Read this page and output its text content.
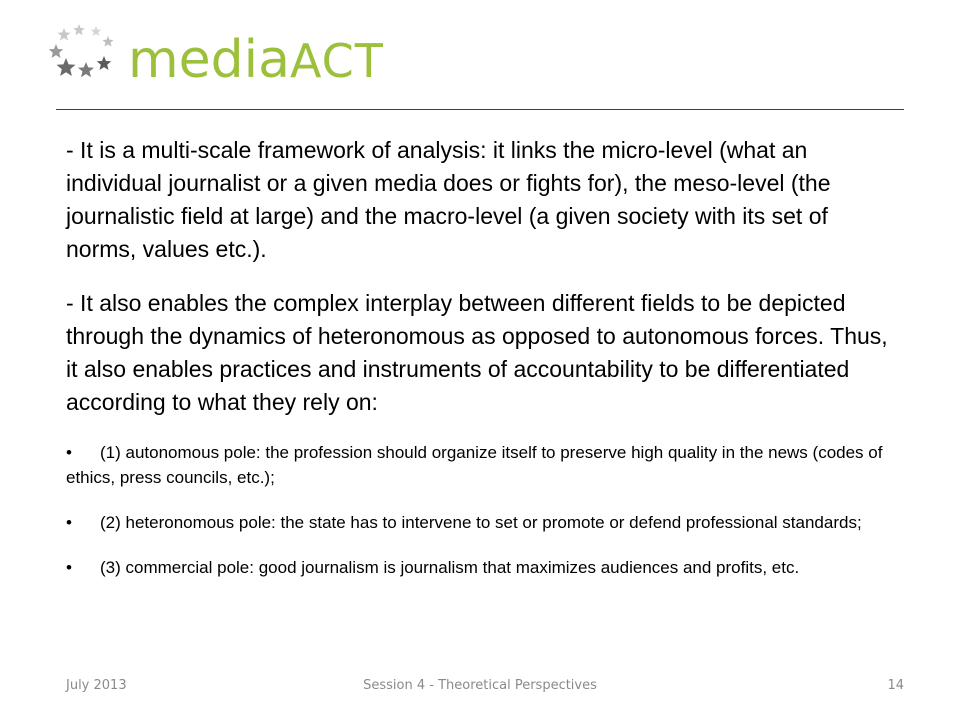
mediaACT

- It is a multi-scale framework of analysis: it links the micro-level (what an individual journalist or a given media does or fights for), the meso-level (the journalistic field at large) and the macro-level (a given society with its set of norms, values etc.).

- It also enables the complex interplay between different fields to be depicted through the dynamics of heteronomous as opposed to autonomous forces. Thus, it also enables practices and instruments of accountability to be differentiated according to what they rely on:

• (1) autonomous pole: the profession should organize itself to preserve high quality in the news (codes of ethics, press councils, etc.);

• (2) heteronomous pole: the state has to intervene to set or promote or defend professional standards;

• (3) commercial pole: good journalism is journalism that maximizes audiences and profits, etc.

July 2013	Session 4 - Theoretical Perspectives	14
